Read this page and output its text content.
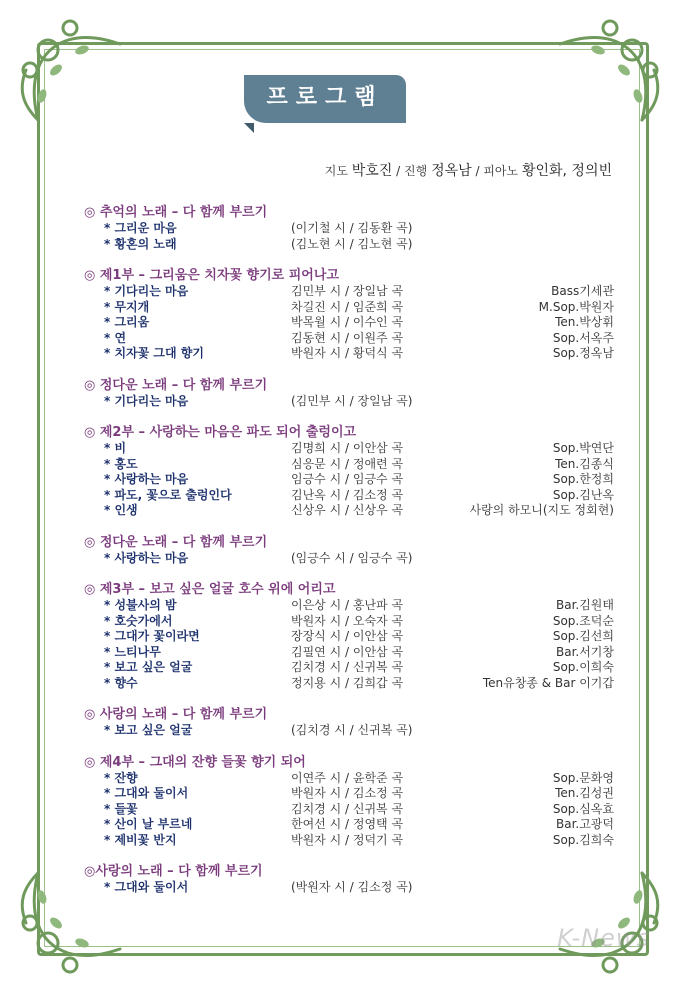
프로그램
지도 박호진 / 진행 정옥남 / 피아노 황인화, 정의빈
◎ 추억의 노래 – 다 함께 부르기
* 그리운 마음	(이기철 시 / 김동환 곡)
* 황혼의 노래	(김노현 시 / 김노현 곡)
◎ 제1부 – 그리움은 치자꽃 향기로 피어나고
* 기다리는 마음	김민부 시 / 장일남 곡	Bass기세관
* 무지개	차길진 시 / 임준희 곡	M.Sop.박원자
* 그리움	박목월 시 / 이수인 곡	Ten.박상휘
* 연	김동현 시 / 이원주 곡	Sop.서옥주
* 치자꽃 그대 향기	박원자 시 / 황덕식 곡	Sop.정옥남
◎ 정다운 노래 – 다 함께 부르기
* 기다리는 마음	(김민부 시 / 장일남 곡)
◎ 제2부 – 사랑하는 마음은 파도 되어 출렁이고
* 비	김명희 시 / 이안삼 곡	Sop.박연단
* 홍도	심응문 시 / 정애련 곡	Ten.김종식
* 사랑하는 마음	임긍수 시 / 임긍수 곡	Sop.한정희
* 파도, 꽃으로 출렁인다	김난옥 시 / 김소정 곡	Sop.김난옥
* 인생	신상우 시 / 신상우 곡	사랑의 하모니(지도 정회현)
◎ 정다운 노래 – 다 함께 부르기
* 사랑하는 마음	(임긍수 시 / 임긍수 곡)
◎ 제3부 – 보고 싶은 얼굴 호수 위에 어리고
* 성불사의 밤	이은상 시 / 홍난파 곡	Bar.김원태
* 호숫가에서	박원자 시 / 오숙자 곡	Sop.조덕순
* 그대가 꽃이라면	장장식 시 / 이안삼 곡	Sop.김선희
* 느티나무	김필연 시 / 이안삼 곡	Bar.서기창
* 보고 싶은 얼굴	김치경 시 / 신귀복 곡	Sop.이희숙
* 향수	정지용 시 / 김희갑 곡	Ten유창종 & Bar 이기갑
◎ 사랑의 노래 – 다 함께 부르기
* 보고 싶은 얼굴	(김치경 시 / 신귀복 곡)
◎ 제4부 – 그대의 잔향 들꽃 향기 되어
* 잔향	이연주 시 / 윤학준 곡	Sop.문화영
* 그대와 둘이서	박원자 시 / 김소정 곡	Ten.김성권
* 들꽃	김치경 시 / 신귀복 곡	Sop.심옥효
* 산이 날 부르네	한여선 시 / 정영택 곡	Bar.고광덕
* 제비꽃 반지	박원자 시 / 정덕기 곡	Sop.김희숙
◎사랑의 노래 – 다 함께 부르기
* 그대와 둘이서	(박원자 시 / 김소정 곡)
K-News
